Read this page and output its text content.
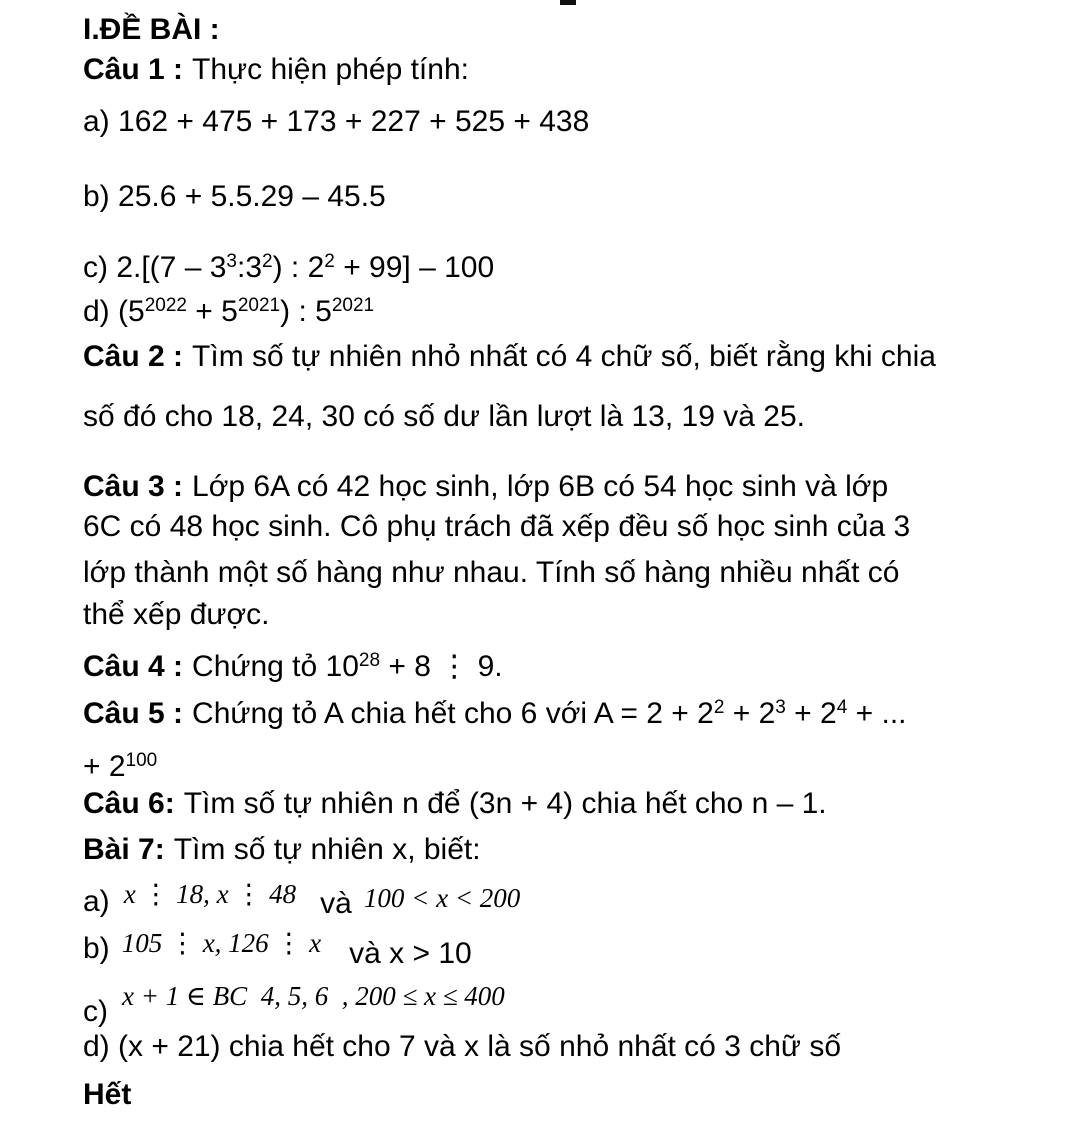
I.ĐỀ BÀI :
Câu 1 : Thực hiện phép tính:
a) 162 + 475 + 173 + 227 + 525 + 438
b) 25.6 + 5.5.29 – 45.5
c) $2.[(7 - 3^3:3^2)$ : $2^2 + 99] - 100$
d) $(5^{2022} + 5^{2021})$ : $5^{2021}$
Câu 2 : Tìm số tự nhiên nhỏ nhất có 4 chữ số, biết rằng khi chia
số đó cho 18, 24, 30 có số dư lần lượt là 13, 19 và 25.
Câu 3 : Lớp 6A có 42 học sinh, lớp 6B có 54 học sinh và lớp
6C có 48 học sinh. Cô phụ trách đã xếp đều số học sinh của 3
lớp thành một số hàng như nhau. Tính số hàng nhiều nhất có
thể xếp được.
Câu 4 : Chứng tỏ $10^{28} + 8$ ⋮ 9.
Câu 5 : Chứng tỏ A chia hết cho 6 với $A = 2 + 2^2 + 2^3 + 2^4$ + ...
+ $2^{100}$
Câu 6: Tìm số tự nhiên n để (3n + 4) chia hết cho n – 1.
Bài 7: Tìm số tự nhiên x, biết:
a) x ⋮ 18, x ⋮ 48 và 100 < x < 200
b) 105 ⋮ x, 126 ⋮ x và x > 10
c) x + 1 ∈ BC  4, 5, 6  , 200 ≤ x ≤ 400
d) (x + 21) chia hết cho 7 và x là số nhỏ nhất có 3 chữ số
Hết
